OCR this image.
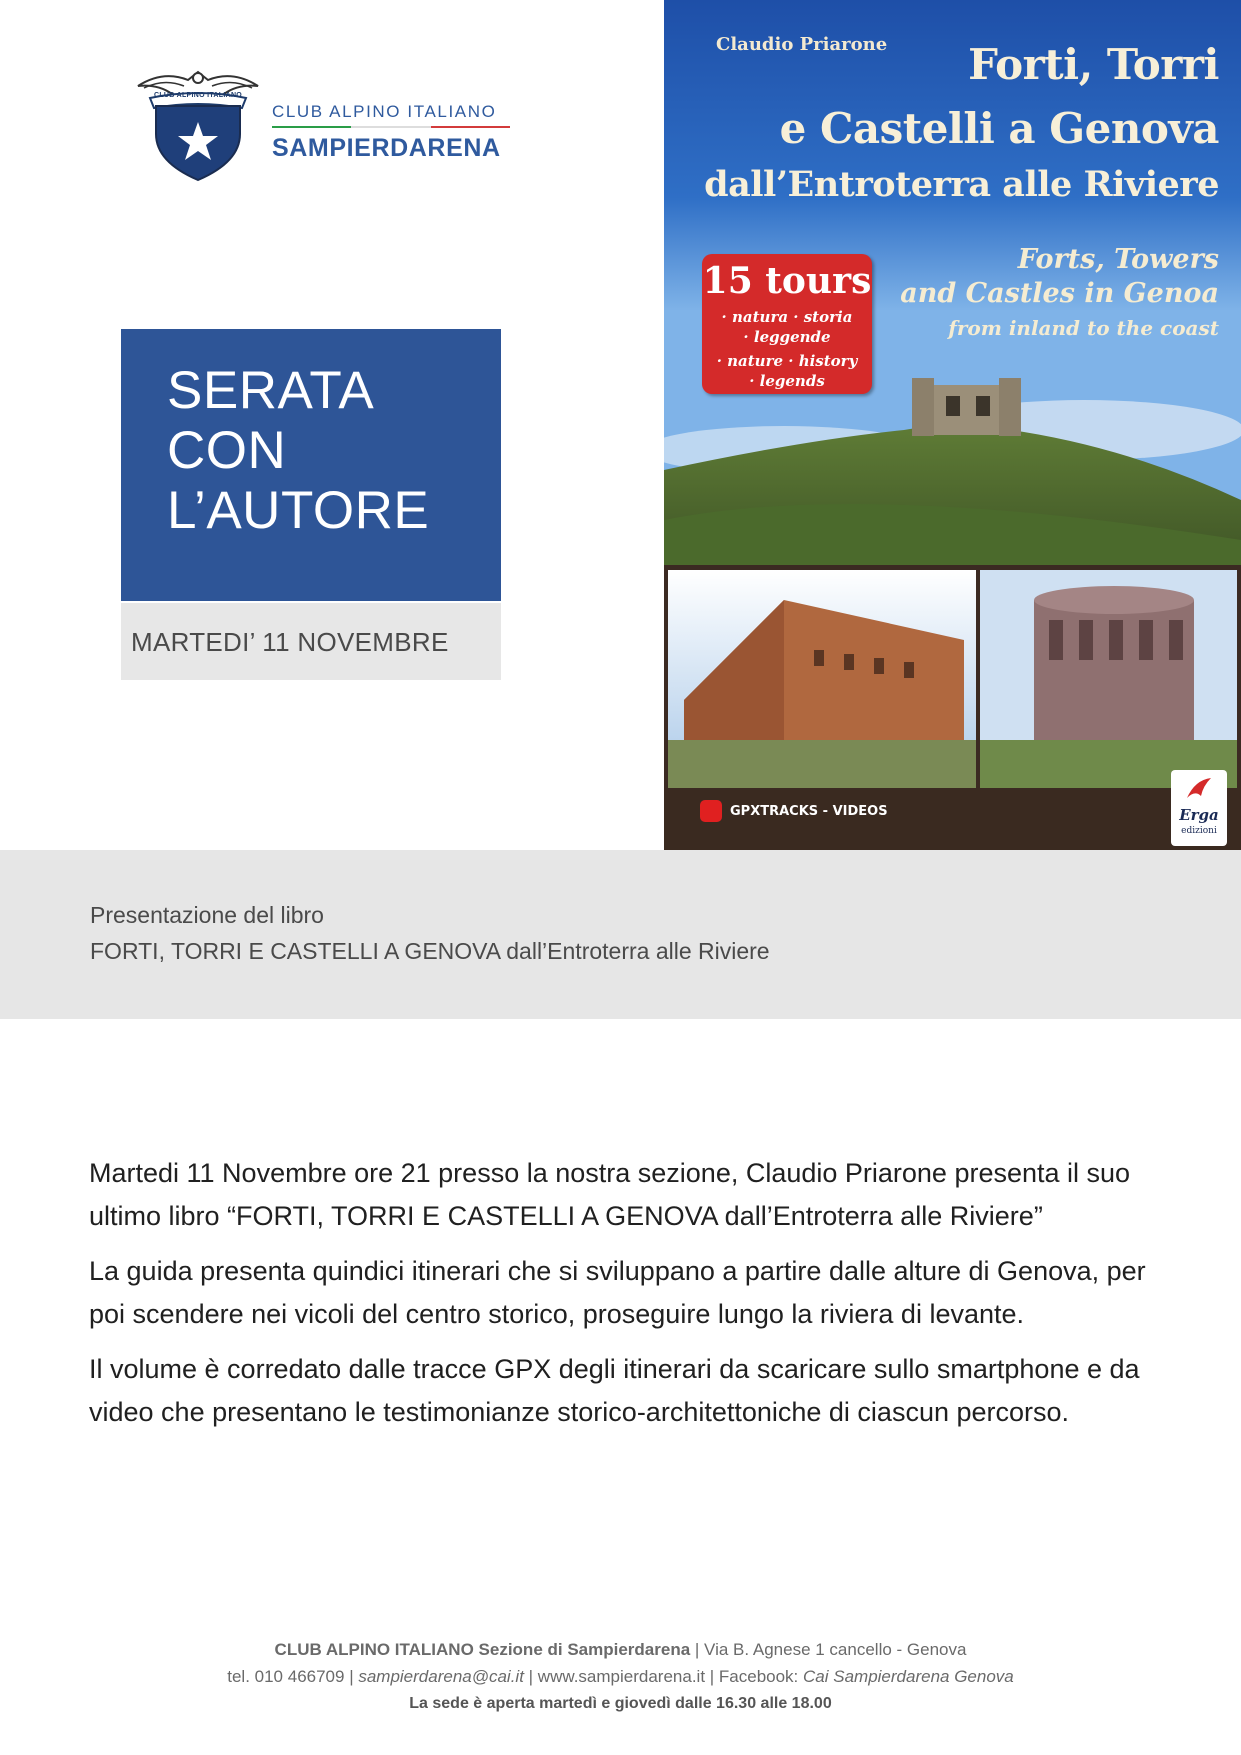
CLUB ALPINO ITALIANO
CLUB ALPINO ITALIANO
SAMPIERDARENA
SERATA
CON
L’AUTORE
MARTEDI’ 11 NOVEMBRE
Claudio Priarone Forti, Torri
e Castelli a Genova
dall’Entroterra alle Riviere
Forts, Towers
and Castles in Genoa
from inland to the coast
15 tours
· natura · storia
· leggende
· nature · history
· legends
GPXTRACKS - VIDEOS	Erga
edizioni
Presentazione del libro
FORTI, TORRI E CASTELLI A GENOVA dall’Entroterra alle Riviere

Martedi 11 Novembre ore 21 presso la nostra sezione, Claudio Priarone presenta il suo ultimo libro “FORTI, TORRI E CASTELLI A GENOVA dall’Entroterra alle Riviere”

La guida presenta quindici itinerari che si sviluppano a partire dalle alture di Genova, per poi scendere nei vicoli del centro storico, proseguire lungo la riviera di levante.

Il volume è corredato dalle tracce GPX degli itinerari da scaricare sullo smartphone e da video che presentano le testimonianze storico-architettoniche di ciascun percorso.

CLUB ALPINO ITALIANO Sezione di Sampierdarena | Via B. Agnese 1 cancello - Genova
tel. 010 466709 | sampierdarena@cai.it | www.sampierdarena.it | Facebook: Cai Sampierdarena Genova
La sede è aperta martedì e giovedì dalle 16.30 alle 18.00
